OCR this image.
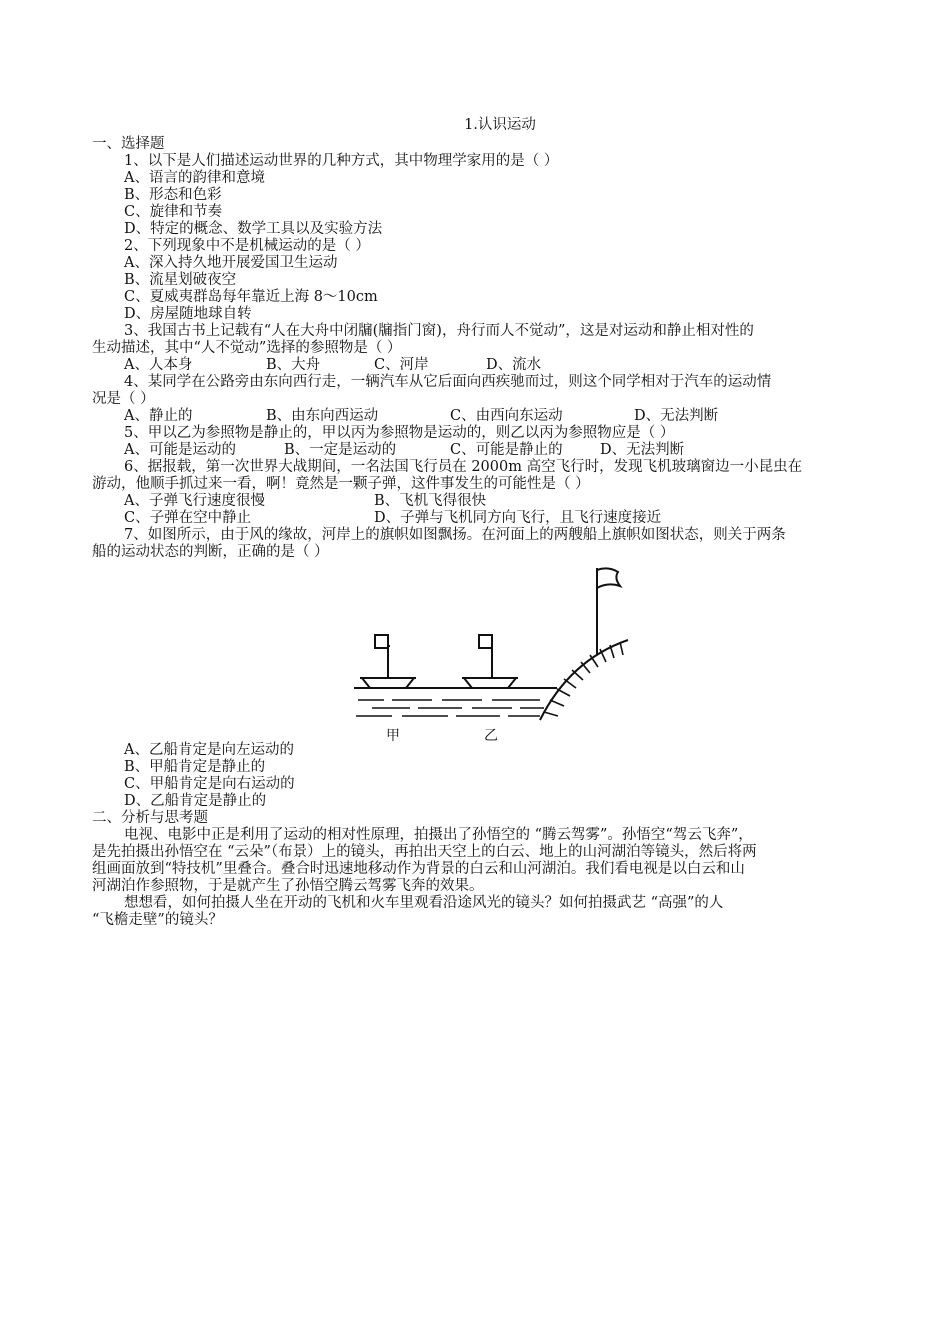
1.认识运动
一、选择题
1、以下是人们描述运动世界的几种方式，其中物理学家用的是（ ）
A、语言的韵律和意境
B、形态和色彩
C、旋律和节奏
D、特定的概念、数学工具以及实验方法
2、下列现象中不是机械运动的是（ ）
A、深入持久地开展爱国卫生运动
B、流星划破夜空
C、夏威夷群岛每年靠近上海 8～10cm
D、房屋随地球自转
3、我国古书上记载有“人在大舟中闭牖(牖指门窗)，舟行而人不觉动”，这是对运动和静止相对性的
生动描述，其中“人不觉动”选择的参照物是（ ）
A、人本身	B、大舟	C、河岸	D、流水
4、某同学在公路旁由东向西行走，一辆汽车从它后面向西疾驰而过，则这个同学相对于汽车的运动情
况是（ ）
A、静止的	B、由东向西运动	C、由西向东运动	D、无法判断
5、甲以乙为参照物是静止的，甲以丙为参照物是运动的，则乙以丙为参照物应是（ ）
A、可能是运动的	B、一定是运动的	C、可能是静止的	D、无法判断
6、据报载，第一次世界大战期间，一名法国飞行员在 2000m 高空飞行时，发现飞机玻璃窗边一小昆虫在
游动，他顺手抓过来一看，啊！竟然是一颗子弹，这件事发生的可能性是（ ）
A、子弹飞行速度很慢	B、飞机飞得很快
C、子弹在空中静止	D、子弹与飞机同方向飞行，且飞行速度接近
7、如图所示，由于风的缘故，河岸上的旗帜如图飘扬。在河面上的两艘船上旗帜如图状态，则关于两条
船的运动状态的判断，正确的是（ ）
甲	乙
A、乙船肯定是向左运动的
B、甲船肯定是静止的
C、甲船肯定是向右运动的
D、乙船肯定是静止的
二、分析与思考题
电视、电影中正是利用了运动的相对性原理，拍摄出了孙悟空的 “腾云驾雾”。孙悟空“驾云飞奔”，
是先拍摄出孙悟空在 “云朵”（布景）上的镜头，再拍出天空上的白云、地上的山河湖泊等镜头，然后将两
组画面放到“特技机”里叠合。叠合时迅速地移动作为背景的白云和山河湖泊。我们看电视是以白云和山
河湖泊作参照物，于是就产生了孙悟空腾云驾雾飞奔的效果。
想想看，如何拍摄人坐在开动的飞机和火车里观看沿途风光的镜头？如何拍摄武艺 “高强”的人
“飞檐走壁”的镜头？
